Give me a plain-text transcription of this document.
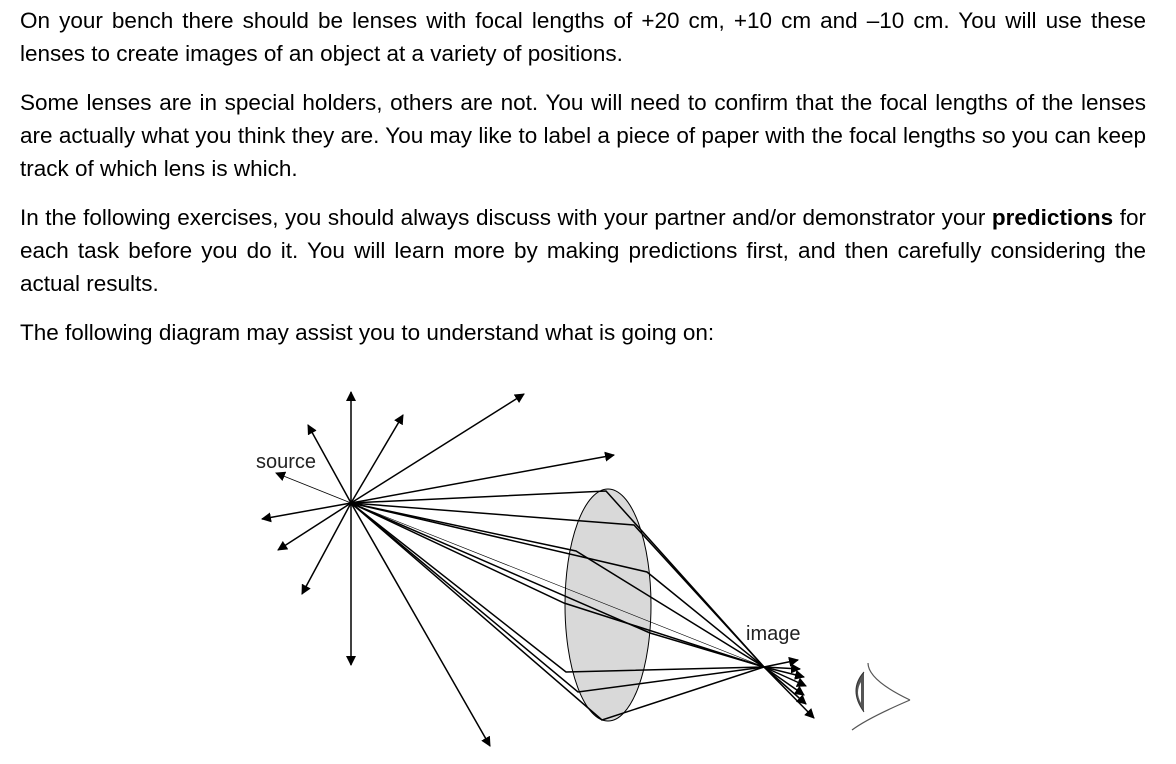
On your bench there should be lenses with focal lengths of +20 cm, +10 cm and –10 cm. You will use these lenses to create images of an object at a variety of positions.

Some lenses are in special holders, others are not. You will need to confirm that the focal lengths of the lenses are actually what you think they are. You may like to label a piece of paper with the focal lengths so you can keep track of which lens is which.

In the following exercises, you should always discuss with your partner and/or demonstrator your predictions for each task before you do it. You will learn more by making predictions first, and then carefully considering the actual results.

The following diagram may assist you to understand what is going on:

source
image
